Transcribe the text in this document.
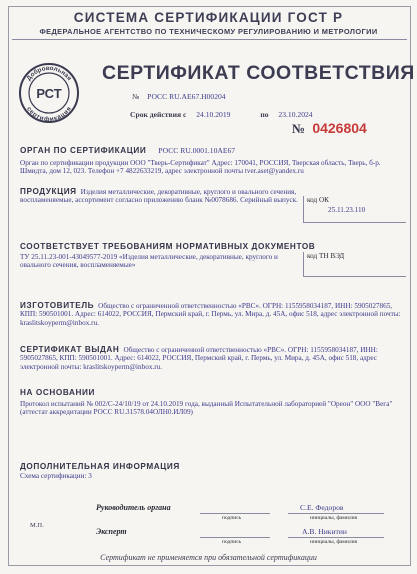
СИСТЕМА СЕРТИФИКАЦИИ ГОСТ Р
ФЕДЕРАЛЬНОЕ АГЕНТСТВО ПО ТЕХНИЧЕСКОМУ РЕГУЛИРОВАНИЮ И МЕТРОЛОГИИ
Добровольная
сертификация
РСТ
СЕРТИФИКАТ СООТВЕТСТВИЯ
№ РОСС RU.АЕ67.Н00204
Срок действия с 24.10.2019	по 23.10.2024
№ 0426804
ОРГАН ПО СЕРТИФИКАЦИИ РОСС RU.0001.10АЕ67
Орган по сертификации продукции ООО "Тверь-Сертификат" Адрес: 170041, РОССИЯ, Тверская область, Тверь, б-р. Шмидта, дом 12, 023. Телефон +7 4822633219, адрес электронной почты tver.aset@yandex.ru
ПРОДУКЦИЯ Изделия металлические, декоративные, круглого и овального сечения, воспламеняемые, ассортимент согласно приложению бланк №0078686. Серийный выпуск.	код ОК
25.11.23.110
СООТВЕТСТВУЕТ ТРЕБОВАНИЯМ НОРМАТИВНЫХ ДОКУМЕНТОВ
ТУ 25.11.23-001-43049577-2019 «Изделия металлические, декоративные, круглого и овального сечения, воспламеняемые»
код ТН ВЭД
ИЗГОТОВИТЕЛЬ Общество с ограниченной ответственностью «РВС». ОГРН: 1155958034187, ИНН: 5905027865, КПП: 590501001. Адрес: 614022, РОССИЯ, Пермский край, г. Пермь, ул. Мира, д. 45А, офис 518, адрес электронной почты: kraslitskoyperm@inbox.ru.
СЕРТИФИКАТ ВЫДАН Общество с ограниченной ответственностью «РВС». ОГРН: 1155958034187, ИНН: 5905027865, КПП: 590501001. Адрес: 614022, РОССИЯ, Пермский край, г. Пермь, ул. Мира, д. 45А, офис 518, адрес электронной почты: kraslitskoyperm@inbox.ru.
НА ОСНОВАНИИ
Протокол испытаний № 002/С-24/10/19 от 24.10.2019 года, выданный Испытательной лабораторией "Ореон" ООО "Вега" (аттестат аккредитации РОСС RU.31578.04ОЛН0.ИЛ09)
ДОПОЛНИТЕЛЬНАЯ ИНФОРМАЦИЯ
Схема сертификации: 3
М.П.
Руководитель органа
подпись
С.Е. Федоров
инициалы, фамилия
Эксперт
подпись
А.В. Никитин
инициалы, фамилия
Сертификат не применяется при обязательной сертификации
